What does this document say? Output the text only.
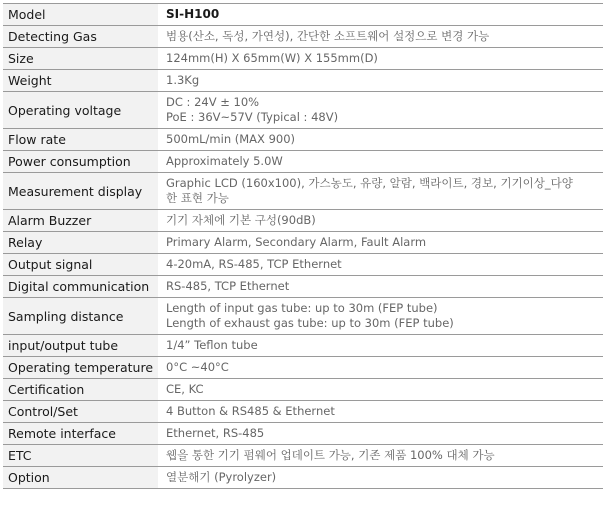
Model	SI-H100

Detecting Gas	범용(산소, 독성, 가연성), 간단한 소프트웨어 설정으로 변경 가능

Size	124mm(H) X 65mm(W) X 155mm(D)

Weight	1.3Kg

Operating voltage	DC : 24V ± 10%
PoE : 36V~57V (Typical : 48V)

Flow rate	500mL/min (MAX 900)

Power consumption	Approximately 5.0W

Measurement display	Graphic LCD (160x100), 가스농도, 유량, 알람, 백라이트, 경보, 기기이상_다양
한 표현 가능

Alarm Buzzer	기기 자체에 기본 구성(90dB)

Relay	Primary Alarm, Secondary Alarm, Fault Alarm

Output signal	4-20mA, RS-485, TCP Ethernet

Digital communication	RS-485, TCP Ethernet

Sampling distance	Length of input gas tube: up to 30m (FEP tube)
Length of exhaust gas tube: up to 30m (FEP tube)

input/output tube	1/4” Teflon tube

Operating temperature	0°C ~40°C

Certification	CE, KC

Control/Set	4 Button & RS485 & Ethernet

Remote interface	Ethernet, RS-485

ETC	웹을 통한 기기 펌웨어 업데이트 가능, 기존 제품 100% 대체 가능

Option	열분해기 (Pyrolyzer)
